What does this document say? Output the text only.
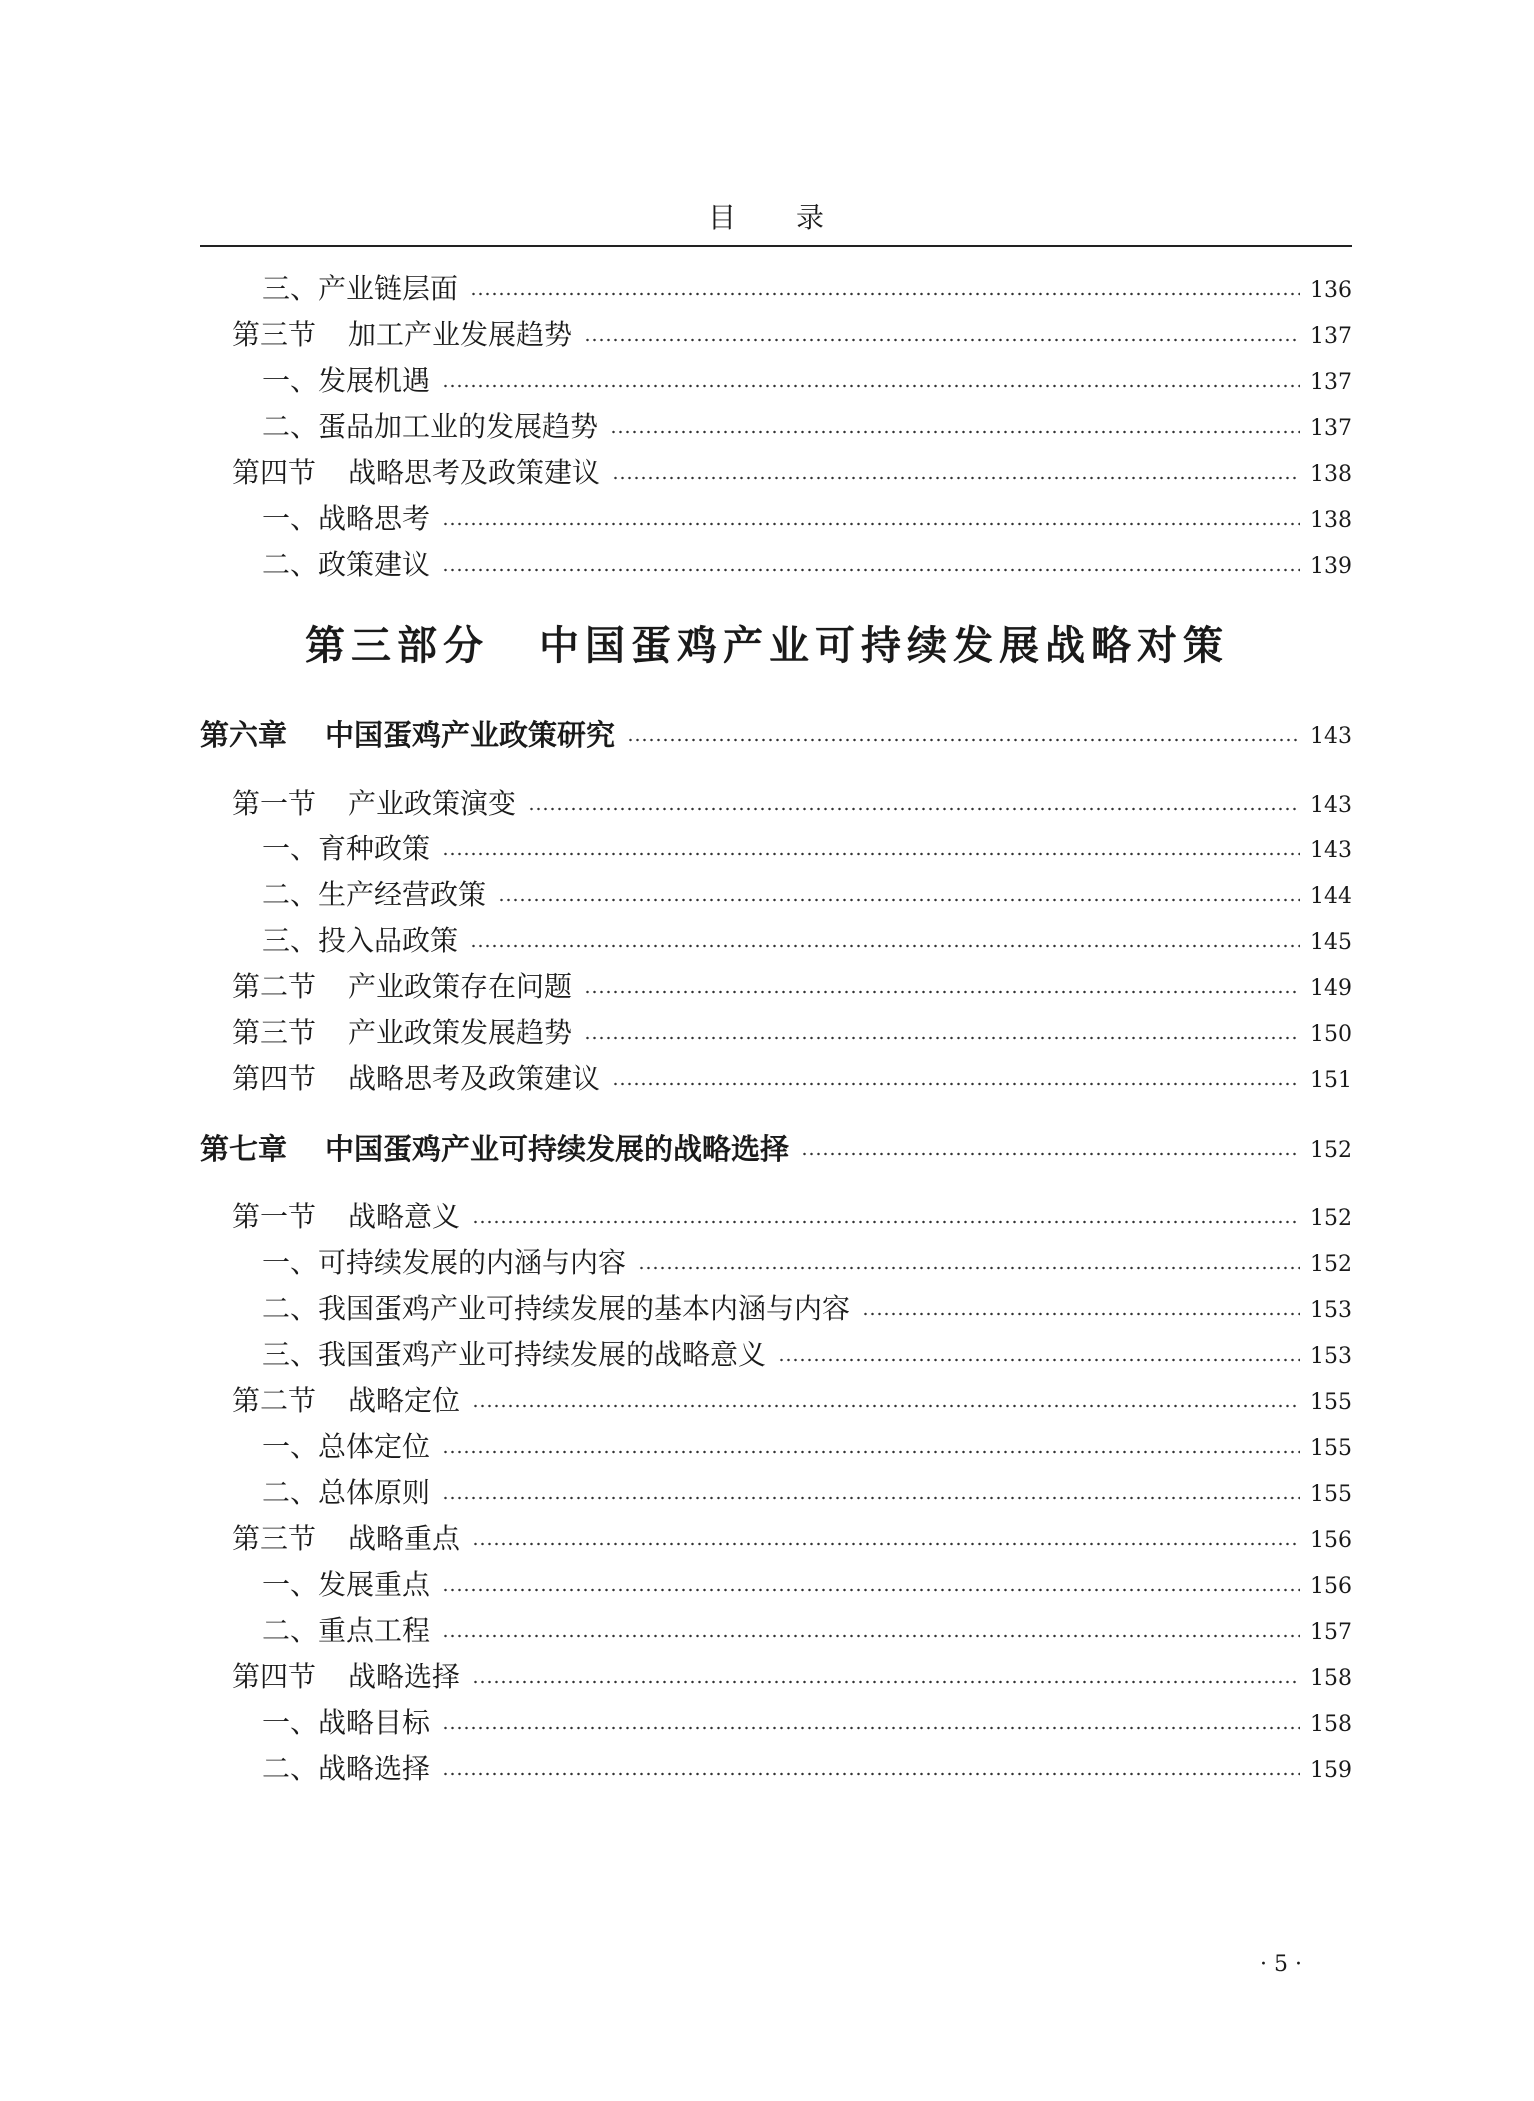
目 录
第三部分 中国蛋鸡产业可持续发展战略对策
三、产业链层面	136
第三节 加工产业发展趋势	137
一、发展机遇	137
二、蛋品加工业的发展趋势	137
第四节 战略思考及政策建议	138
一、战略思考	138
二、政策建议	139
第六章 中国蛋鸡产业政策研究	143
第一节 产业政策演变	143
一、育种政策	143
二、生产经营政策	144
三、投入品政策	145
第二节 产业政策存在问题	149
第三节 产业政策发展趋势	150
第四节 战略思考及政策建议	151
第七章 中国蛋鸡产业可持续发展的战略选择	152
第一节 战略意义	152
一、可持续发展的内涵与内容	152
二、我国蛋鸡产业可持续发展的基本内涵与内容	153
三、我国蛋鸡产业可持续发展的战略意义	153
第二节 战略定位	155
一、总体定位	155
二、总体原则	155
第三节 战略重点	156
一、发展重点	156
二、重点工程	157
第四节 战略选择	158
一、战略目标	158
二、战略选择	159
· 5 ·
